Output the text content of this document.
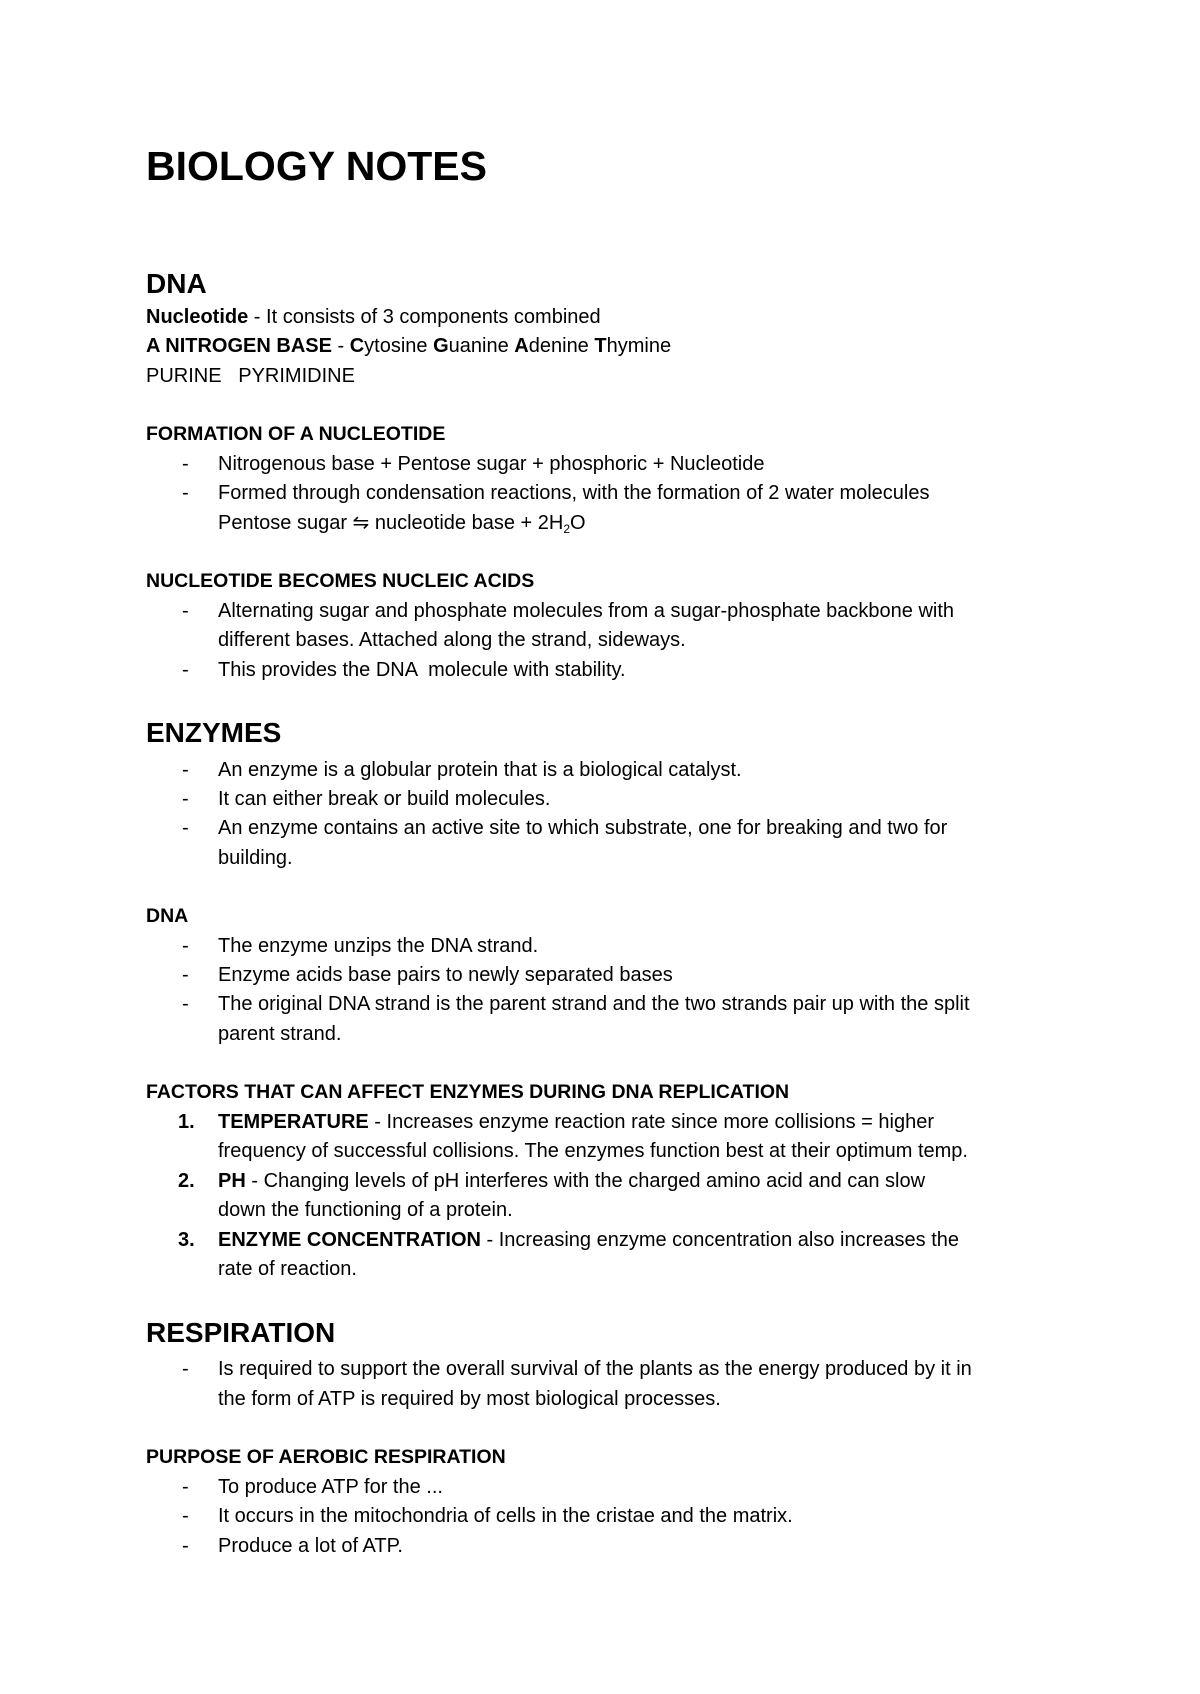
BIOLOGY NOTES
DNA
Nucleotide - It consists of 3 components combined
A NITROGEN BASE - Cytosine Guanine Adenine Thymine
PURINE   PYRIMIDINE
FORMATION OF A NUCLEOTIDE
- Nitrogenous base + Pentose sugar + phosphoric + Nucleotide
- Formed through condensation reactions, with the formation of 2 water molecules
Pentose sugar ⇋ nucleotide base + $2H_2O$
NUCLEOTIDE BECOMES NUCLEIC ACIDS
- Alternating sugar and phosphate molecules from a sugar-phosphate backbone with
different bases. Attached along the strand, sideways.
- This provides the DNA  molecule with stability.
ENZYMES
- An enzyme is a globular protein that is a biological catalyst.
- It can either break or build molecules.
- An enzyme contains an active site to which substrate, one for breaking and two for
building.
DNA
- The enzyme unzips the DNA strand.
- Enzyme acids base pairs to newly separated bases
- The original DNA strand is the parent strand and the two strands pair up with the split
parent strand.
FACTORS THAT CAN AFFECT ENZYMES DURING DNA REPLICATION
1. TEMPERATURE - Increases enzyme reaction rate since more collisions = higher
frequency of successful collisions. The enzymes function best at their optimum temp.
2. PH - Changing levels of pH interferes with the charged amino acid and can slow
down the functioning of a protein.
3. ENZYME CONCENTRATION - Increasing enzyme concentration also increases the
rate of reaction.
RESPIRATION
- Is required to support the overall survival of the plants as the energy produced by it in
the form of ATP is required by most biological processes.
PURPOSE OF AEROBIC RESPIRATION
- To produce ATP for the ...
- It occurs in the mitochondria of cells in the cristae and the matrix.
- Produce a lot of ATP.
